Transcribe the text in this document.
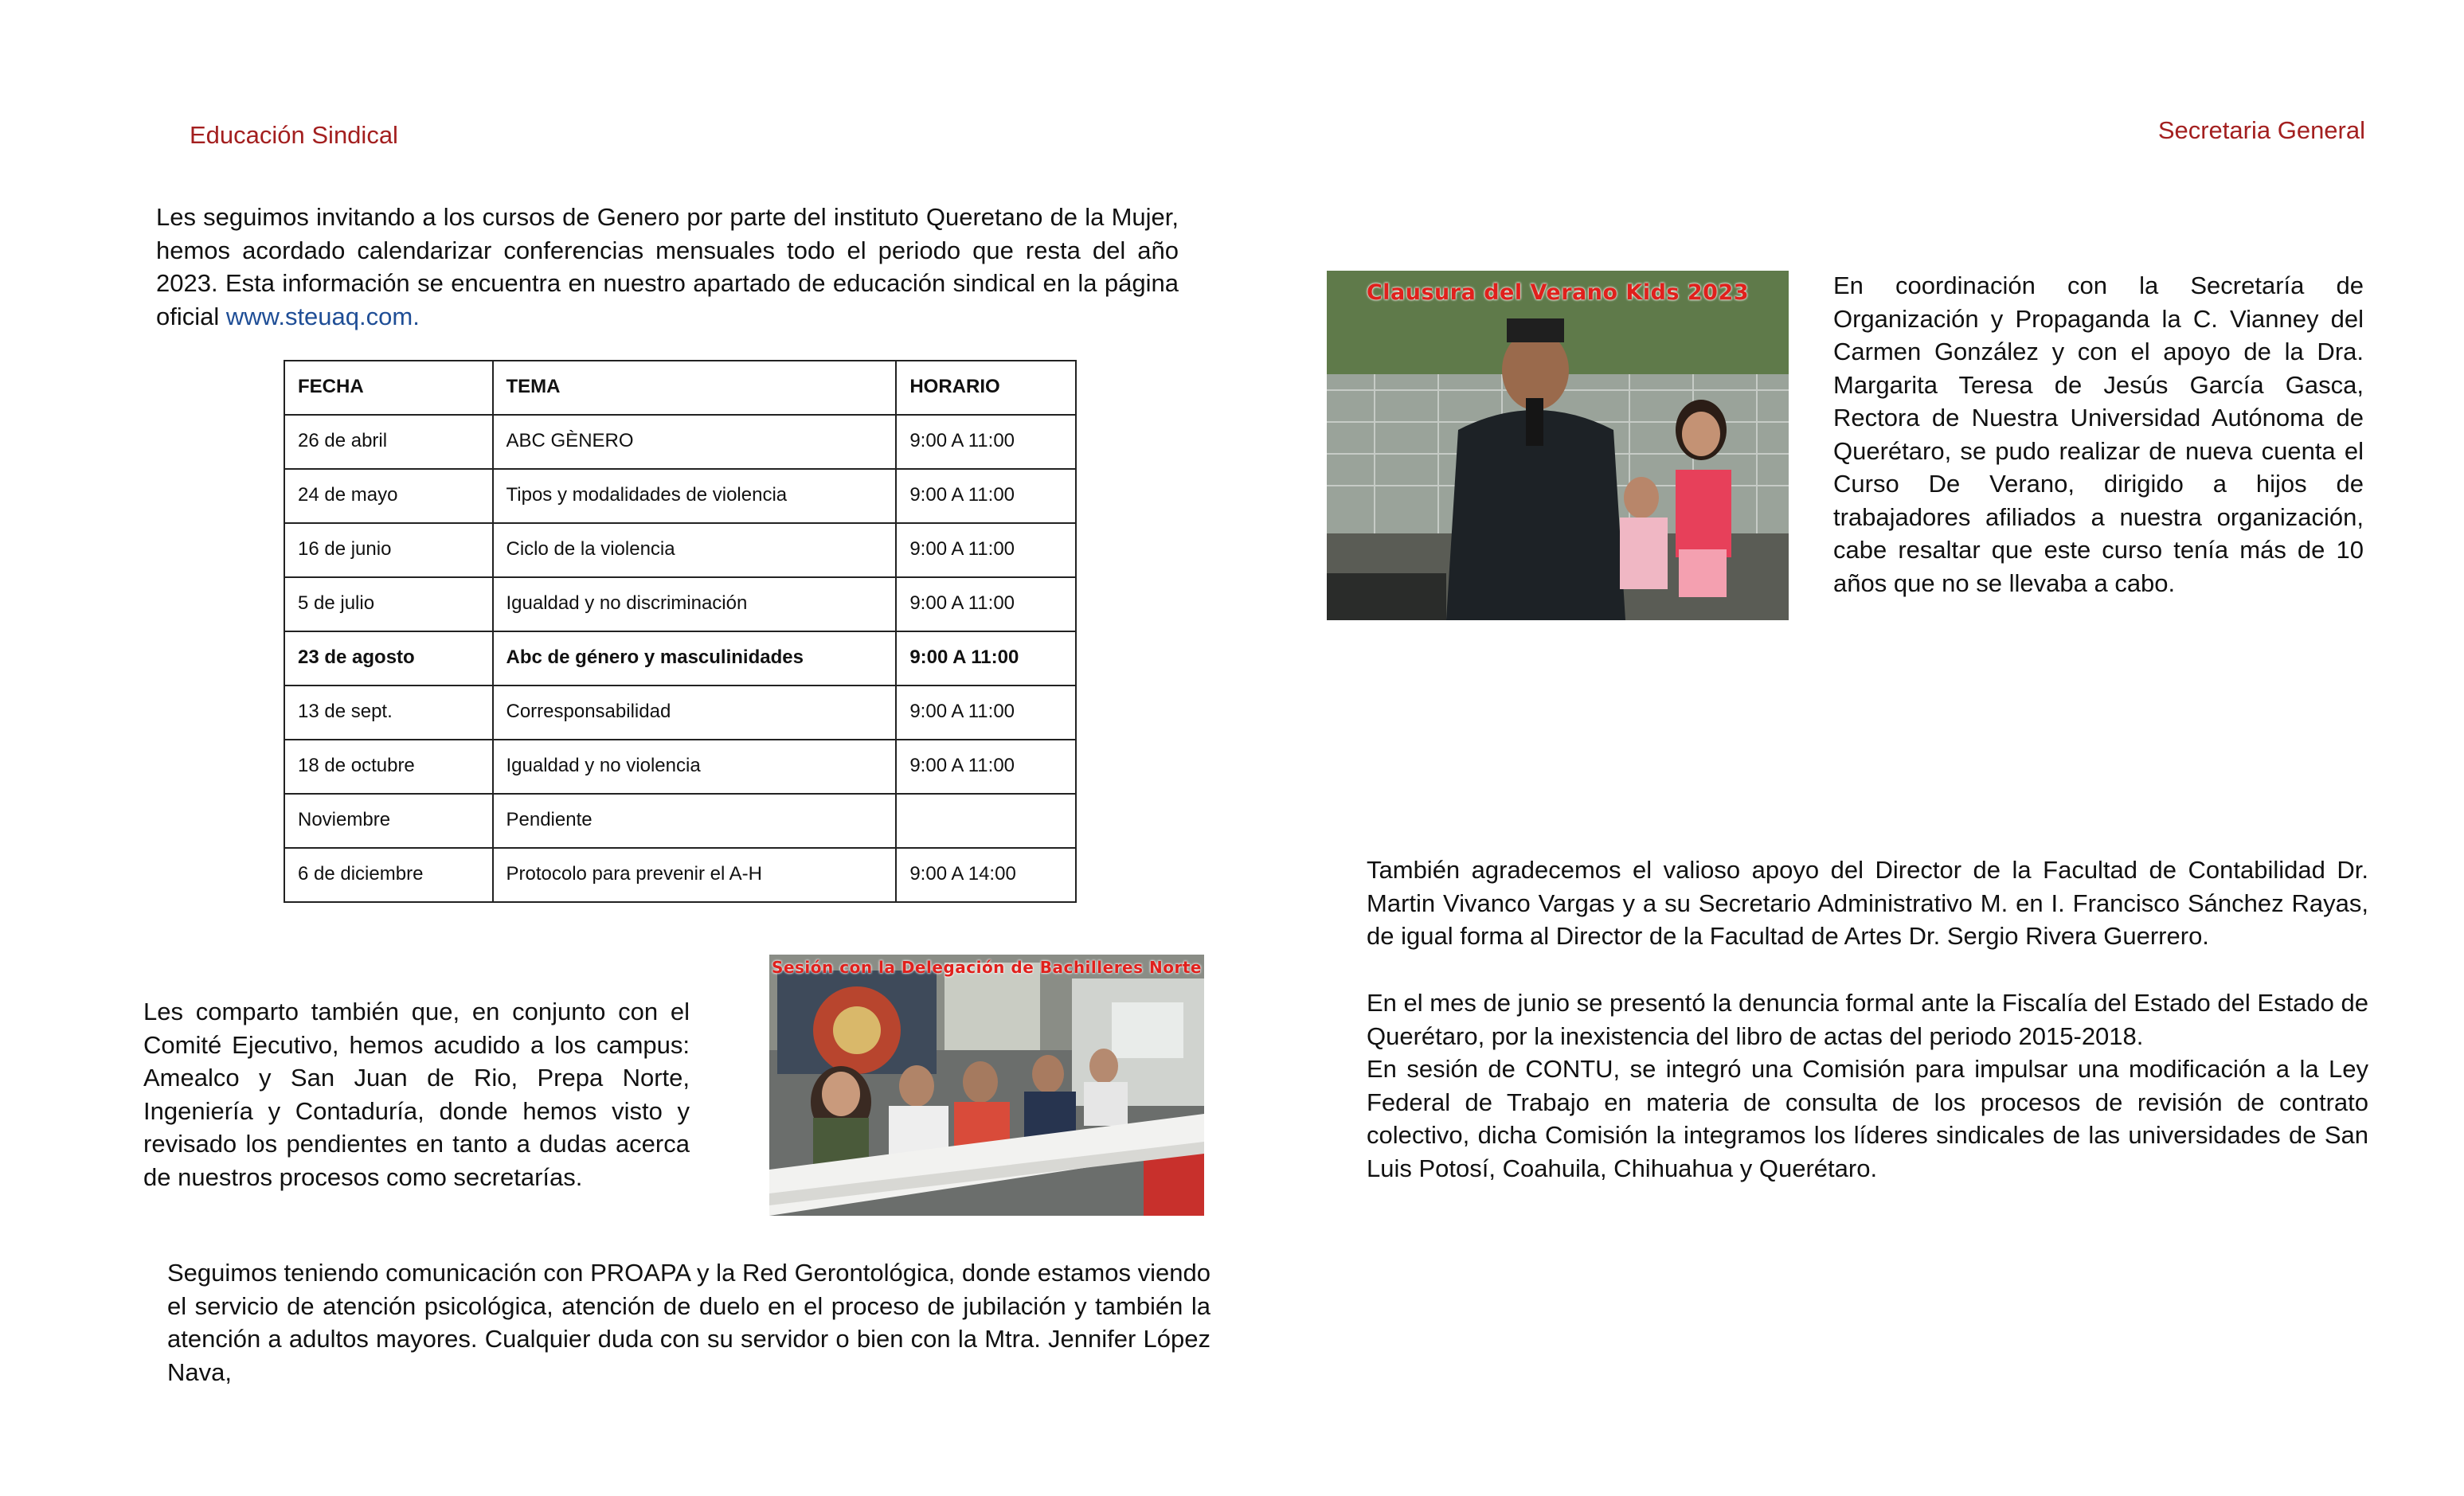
Educación Sindical
Les seguimos invitando a los cursos de Genero por parte del instituto Queretano de la Mujer, hemos acordado calendarizar conferencias mensuales todo el periodo que resta del año 2023. Esta información se encuentra en nuestro apartado de educación sindical en la página oficial www.steuaq.com.
FECHA	TEMA	HORARIO
26 de abril	ABC GÈNERO	9:00 A 11:00
24 de mayo	Tipos y modalidades de violencia	9:00 A 11:00
16 de junio	Ciclo de la violencia	9:00 A 11:00
5 de julio	Igualdad y no discriminación	9:00 A 11:00
23 de agosto	Abc de género y masculinidades	9:00 A 11:00
13 de sept.	Corresponsabilidad	9:00 A 11:00
18 de octubre	Igualdad y no violencia	9:00 A 11:00
Noviembre	Pendiente	
6 de diciembre	Protocolo para prevenir el A-H	9:00 A 14:00
Les comparto también que, en conjunto con el Comité Ejecutivo, hemos acudido a los campus: Amealco y San Juan de Rio, Prepa Norte, Ingeniería y Contaduría, donde hemos visto y revisado los pendientes en tanto a dudas acerca de nuestros procesos como secretarías.
Sesión con la Delegación de Bachilleres Norte
Seguimos teniendo comunicación con PROAPA y la Red Gerontológica, donde estamos viendo el servicio de atención psicológica, atención de duelo en el proceso de jubilación y también la atención a adultos mayores. Cualquier duda con su servidor o bien con la Mtra. Jennifer López Nava,
Secretaria General
Clausura del Verano Kids 2023	En coordinación con la Secretaría de Organización y Propaganda la C. Vianney del Carmen González y con el apoyo de la Dra. Margarita Teresa de Jesús García Gasca, Rectora de Nuestra Universidad Autónoma de Querétaro, se pudo realizar de nueva cuenta el Curso De Verano, dirigido a hijos de trabajadores afiliados a nuestra organización, cabe resaltar que este curso tenía más de 10 años que no se llevaba a cabo.
También agradecemos el valioso apoyo del Director de la Facultad de Contabilidad Dr. Martin Vivanco Vargas y a su Secretario Administrativo M. en I. Francisco Sánchez Rayas, de igual forma al Director de la Facultad de Artes Dr. Sergio Rivera Guerrero.

En el mes de junio se presentó la denuncia formal ante la Fiscalía del Estado del Estado de Querétaro, por la inexistencia del libro de actas del periodo 2015-2018.

En sesión de CONTU, se integró una Comisión para impulsar una modificación a la Ley Federal de Trabajo en materia de consulta de los procesos de revisión de contrato colectivo, dicha Comisión la integramos los líderes sindicales de las universidades de San Luis Potosí, Coahuila, Chihuahua y Querétaro.
